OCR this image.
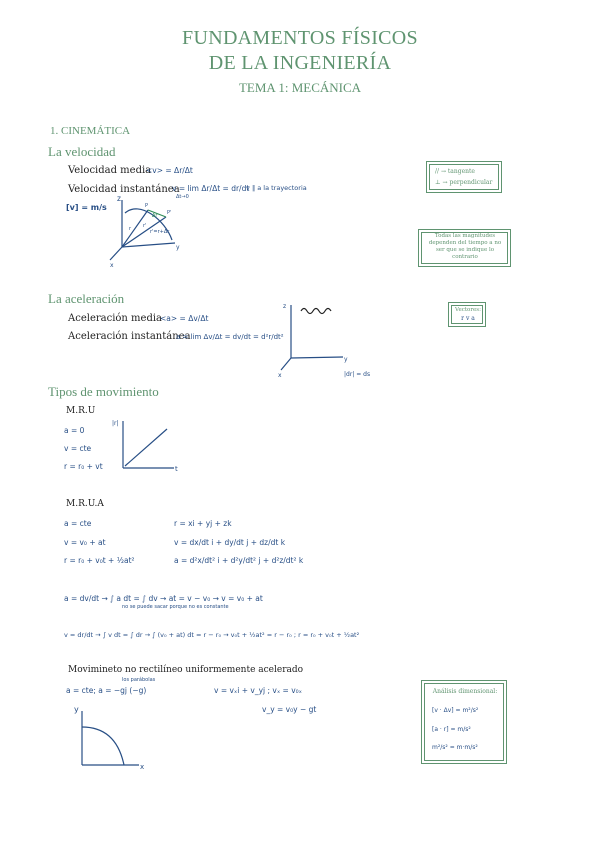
FUNDAMENTOS FÍSICOS
DE LA INGENIERÍA
TEMA 1: MECÁNICA
1. CINEMÁTICA
La velocidad
Velocidad media
<v> = Δr/Δt
Velocidad instantánea
v = lim Δr/Δt = dr/dt
Δt→0
v ∥ a la trayectoria
[v] = m/s
z
y
x
P
P'
r r'
Δr
r'=r+Δr
// → tangente
⊥ → perpendicular
Todas las magnitudes dependen del tiempo a no ser que se indique lo contrario
La aceleración
Aceleración media
<a> = Δv/Δt
Aceleración instantánea
a = lim Δv/Δt = dv/dt = d²r/dt²
z
y
x	|dr| = ds
Vectores:
r v a
Tipos de movimiento
M.R.U
a = 0
v = cte
r = r₀ + vt
|r|
t
M.R.U.A
a = cte
v = v₀ + at
r = r₀ + v₀t + ½at²
r = xi + yj + zk
v = dx/dt i + dy/dt j + dz/dt k
a = d²x/dt² i + d²y/dt² j + d²z/dt² k
a = dv/dt → ∫ a dt = ∫ dv → at = v − v₀ → v = v₀ + at
no se puede sacar porque no es constante
v = dr/dt → ∫ v dt = ∫ dr → ∫ (v₀ + at) dt = r − r₀ → v₀t + ½at² = r − r₀ ; r = r₀ + v₀t + ½at²
Movimineto no rectilíneo uniformemente acelerado
los parábolas
a = cte; a = −gj (−g)	v = vₓi + v_yj ; vₓ = v₀ₓ
v_y = v₀y − gt
y
x
Análisis dimensional:
[v · Δv] = m²/s²
[a · r] = m/s²
m²/s² = m·m/s²
